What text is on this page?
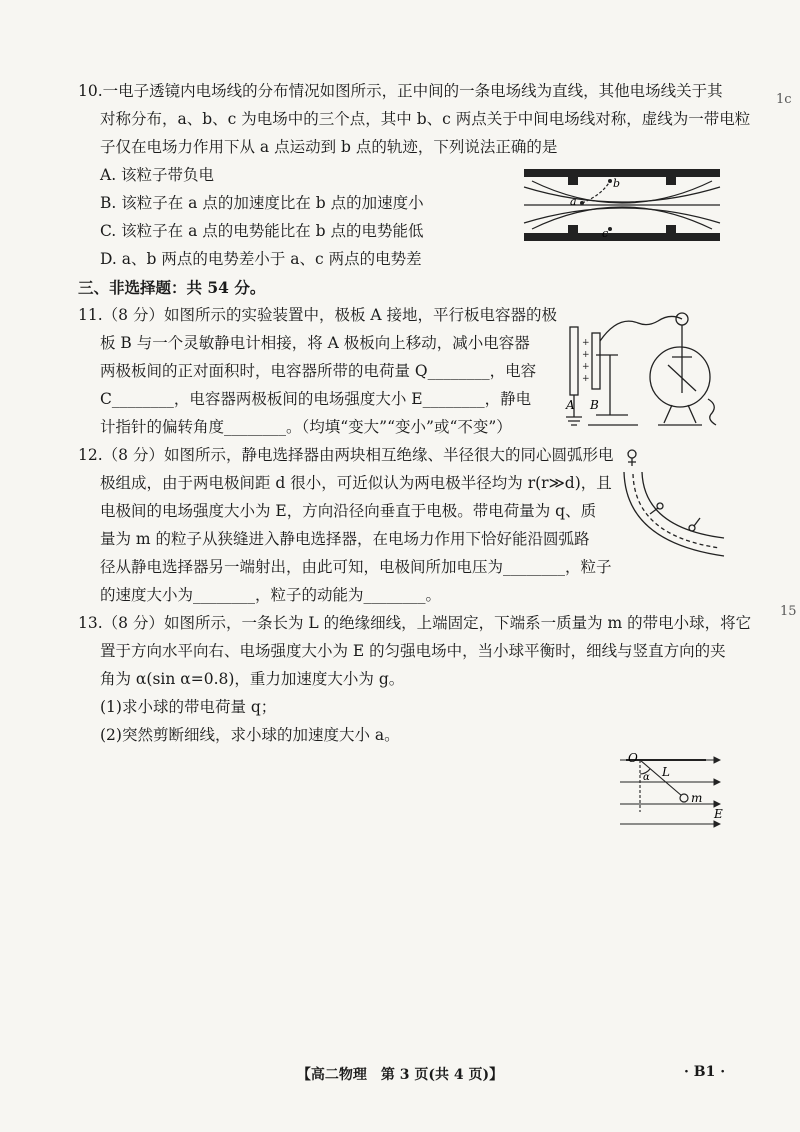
1c
15
10.一电子透镜内电场线的分布情况如图所示，正中间的一条电场线为直线，其他电场线关于其
对称分布，a、b、c 为电场中的三个点，其中 b、c 两点关于中间电场线对称，虚线为一带电粒
子仅在电场力作用下从 a 点运动到 b 点的轨迹，下列说法正确的是
A. 该粒子带负电
B. 该粒子在 a 点的加速度比在 b 点的加速度小
C. 该粒子在 a 点的电势能比在 b 点的电势能低
D. a、b 两点的电势差小于 a、c 两点的电势差
a
b
c
三、非选择题：共 54 分。
11.（8 分）如图所示的实验装置中，极板 A 接地，平行板电容器的极
板 B 与一个灵敏静电计相接，将 A 极板向上移动，减小电容器
两极板间的正对面积时，电容器所带的电荷量 Q________，电容
C________，电容器两极板间的电场强度大小 E________，静电
计指针的偏转角度________。（均填“变大”“变小”或“不变”）
+
+
+
+
A B
12.（8 分）如图所示，静电选择器由两块相互绝缘、半径很大的同心圆弧形电
极组成，由于两电极间距 d 很小，可近似认为两电极半径均为 r(r≫d)，且
电极间的电场强度大小为 E，方向沿径向垂直于电极。带电荷量为 q、质
量为 m 的粒子从狭缝进入静电选择器，在电场力作用下恰好能沿圆弧路
径从静电选择器另一端射出，由此可知，电极间所加电压为________，粒子
的速度大小为________，粒子的动能为________。
13.（8 分）如图所示，一条长为 L 的绝缘细线，上端固定，下端系一质量为 m 的带电小球，将它
置于方向水平向右、电场强度大小为 E 的匀强电场中，当小球平衡时，细线与竖直方向的夹
角为 α(sin α=0.8)，重力加速度大小为 g。
(1)求小球的带电荷量 q；
(2)突然剪断细线，求小球的加速度大小 a。
O
α L
m
E
【高二物理　第 3 页(共 4 页)】	· B1 ·
